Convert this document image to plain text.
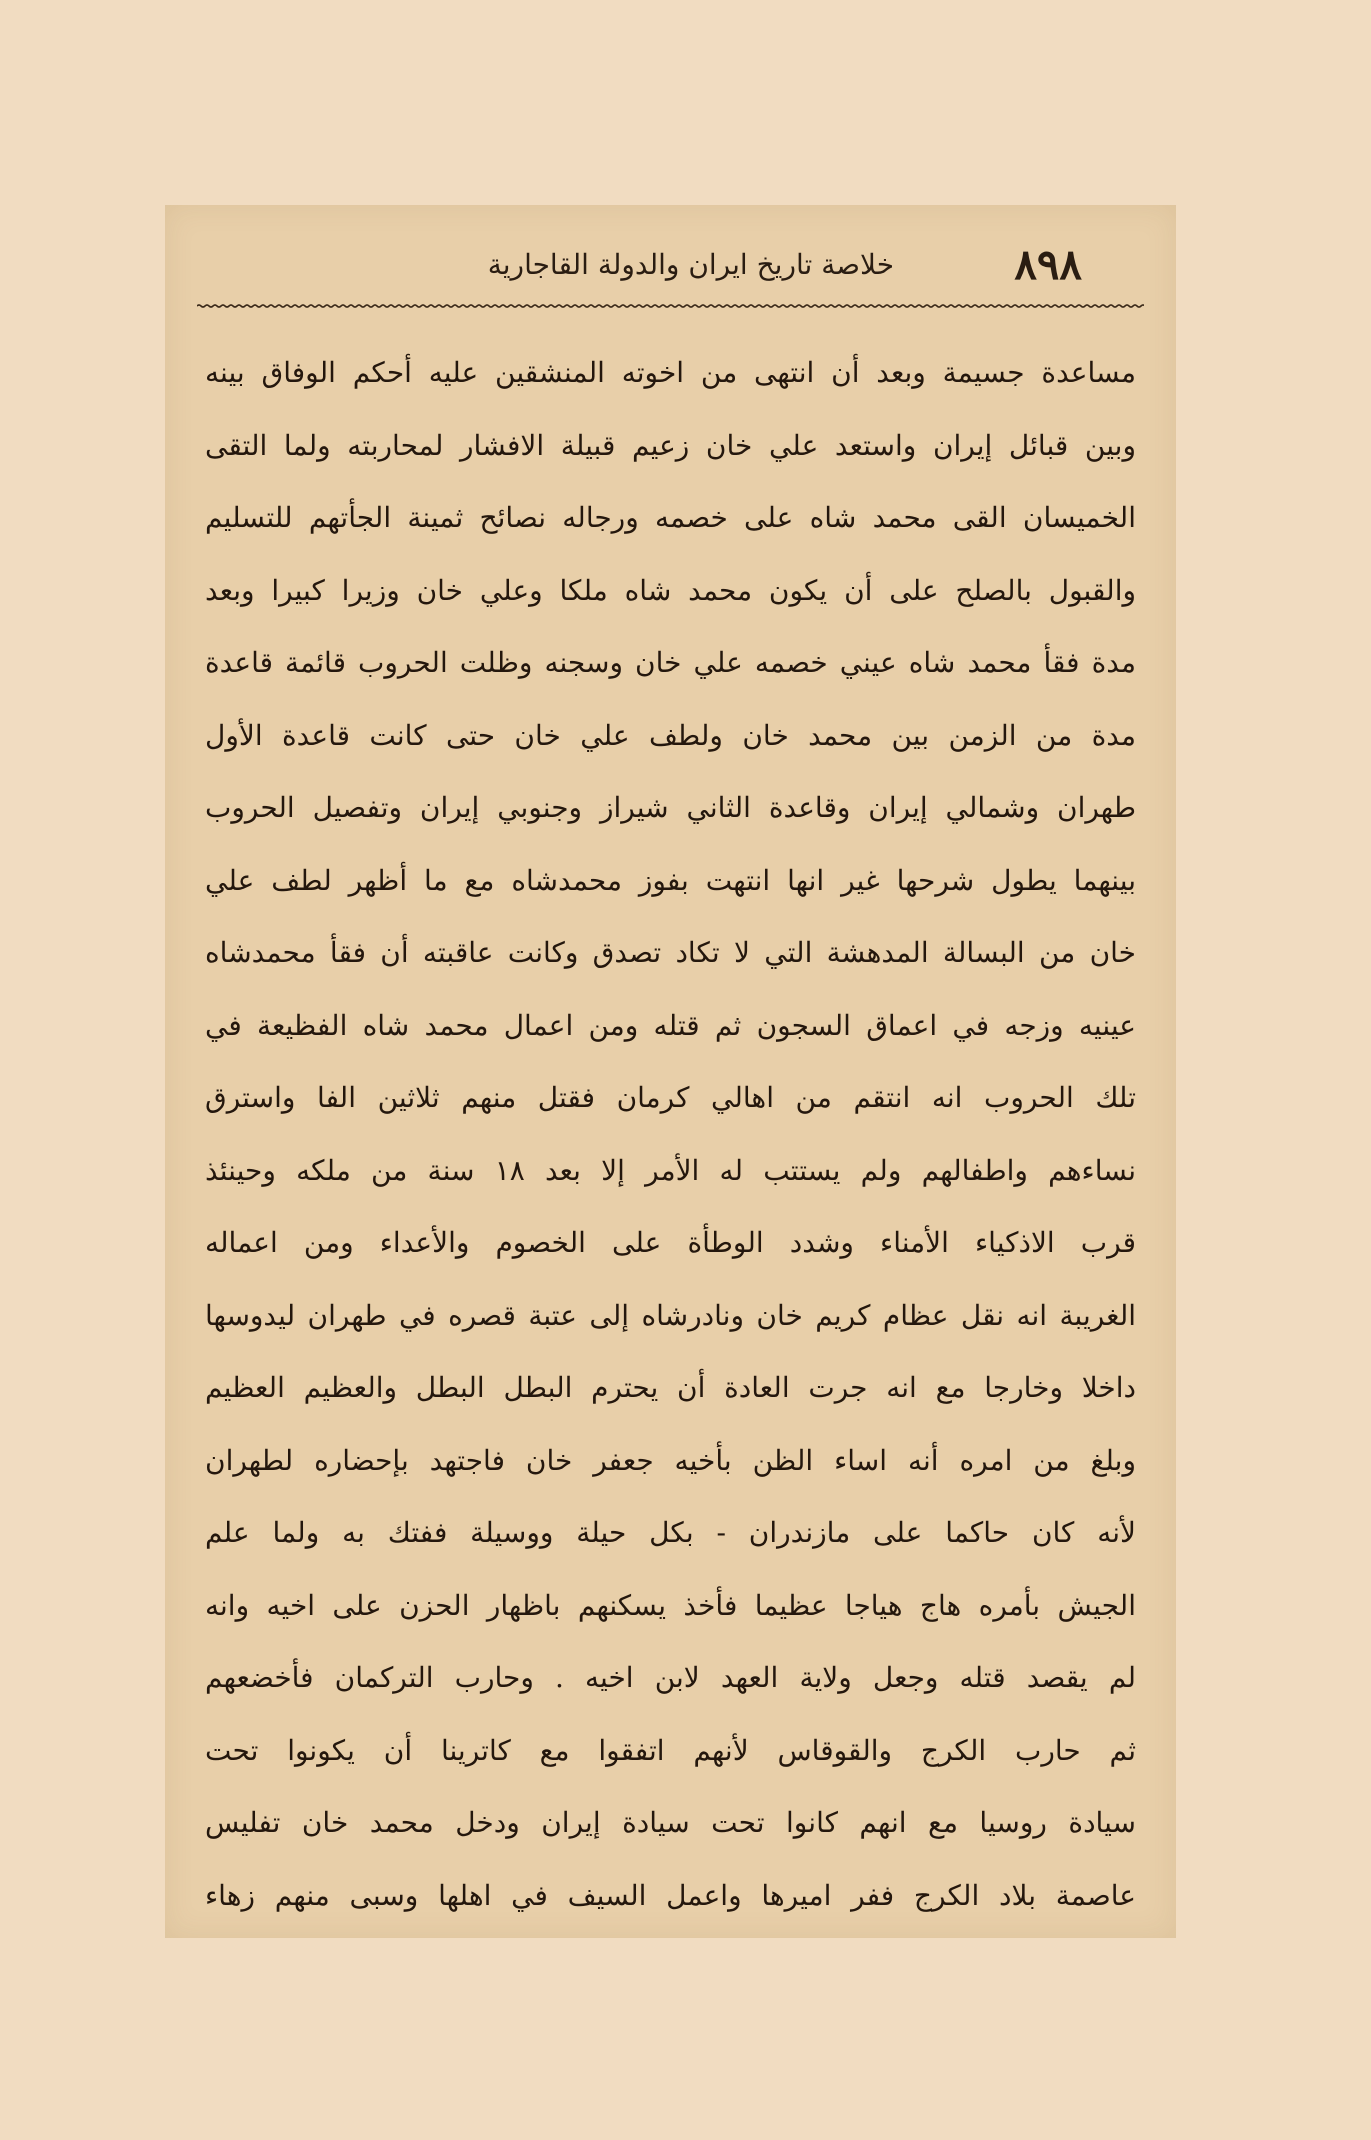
٨٩٨
خلاصة تاريخ ايران والدولة القاجارية
مساعدة جسيمة وبعد أن انتهى من اخوته المنشقين عليه أحكم الوفاق بينه
وبين قبائل إيران واستعد علي خان زعيم قبيلة الافشار لمحاربته ولما التقى
الخميسان القى محمد شاه على خصمه ورجاله نصائح ثمينة الجأتهم للتسليم
والقبول بالصلح على أن يكون محمد شاه ملكا وعلي خان وزيرا كبيرا وبعد
مدة فقأ محمد شاه عيني خصمه علي خان وسجنه وظلت الحروب قائمة قاعدة
مدة من الزمن بين محمد خان ولطف علي خان حتى كانت قاعدة الأول
طهران وشمالي إيران وقاعدة الثاني شيراز وجنوبي إيران وتفصيل الحروب
بينهما يطول شرحها غير انها انتهت بفوز محمدشاه مع ما أظهر لطف علي
خان من البسالة المدهشة التي لا تكاد تصدق وكانت عاقبته أن فقأ محمدشاه
عينيه وزجه في اعماق السجون ثم قتله ومن اعمال محمد شاه الفظيعة في
تلك الحروب انه انتقم من اهالي كرمان فقتل منهم ثلاثين الفا واسترق
نساءهم واطفالهم ولم يستتب له الأمر إلا بعد ١٨ سنة من ملكه وحينئذ
قرب الاذكياء الأمناء وشدد الوطأة على الخصوم والأعداء ومن اعماله
الغريبة انه نقل عظام كريم خان ونادرشاه إلى عتبة قصره في طهران ليدوسها
داخلا وخارجا مع انه جرت العادة أن يحترم البطل البطل والعظيم العظيم
وبلغ من امره أنه اساء الظن بأخيه جعفر خان فاجتهد بإحضاره لطهران
لأنه كان حاكما على مازندران - بكل حيلة ووسيلة ففتك به ولما علم
الجيش بأمره هاج هياجا عظيما فأخذ يسكنهم باظهار الحزن على اخيه وانه
لم يقصد قتله وجعل ولاية العهد لابن اخيه . وحارب التركمان فأخضعهم
ثم حارب الكرج والقوقاس لأنهم اتفقوا مع كاترينا أن يكونوا تحت
سيادة روسيا مع انهم كانوا تحت سيادة إيران ودخل محمد خان تفليس
عاصمة بلاد الكرج ففر اميرها واعمل السيف في اهلها وسبى منهم زهاء
